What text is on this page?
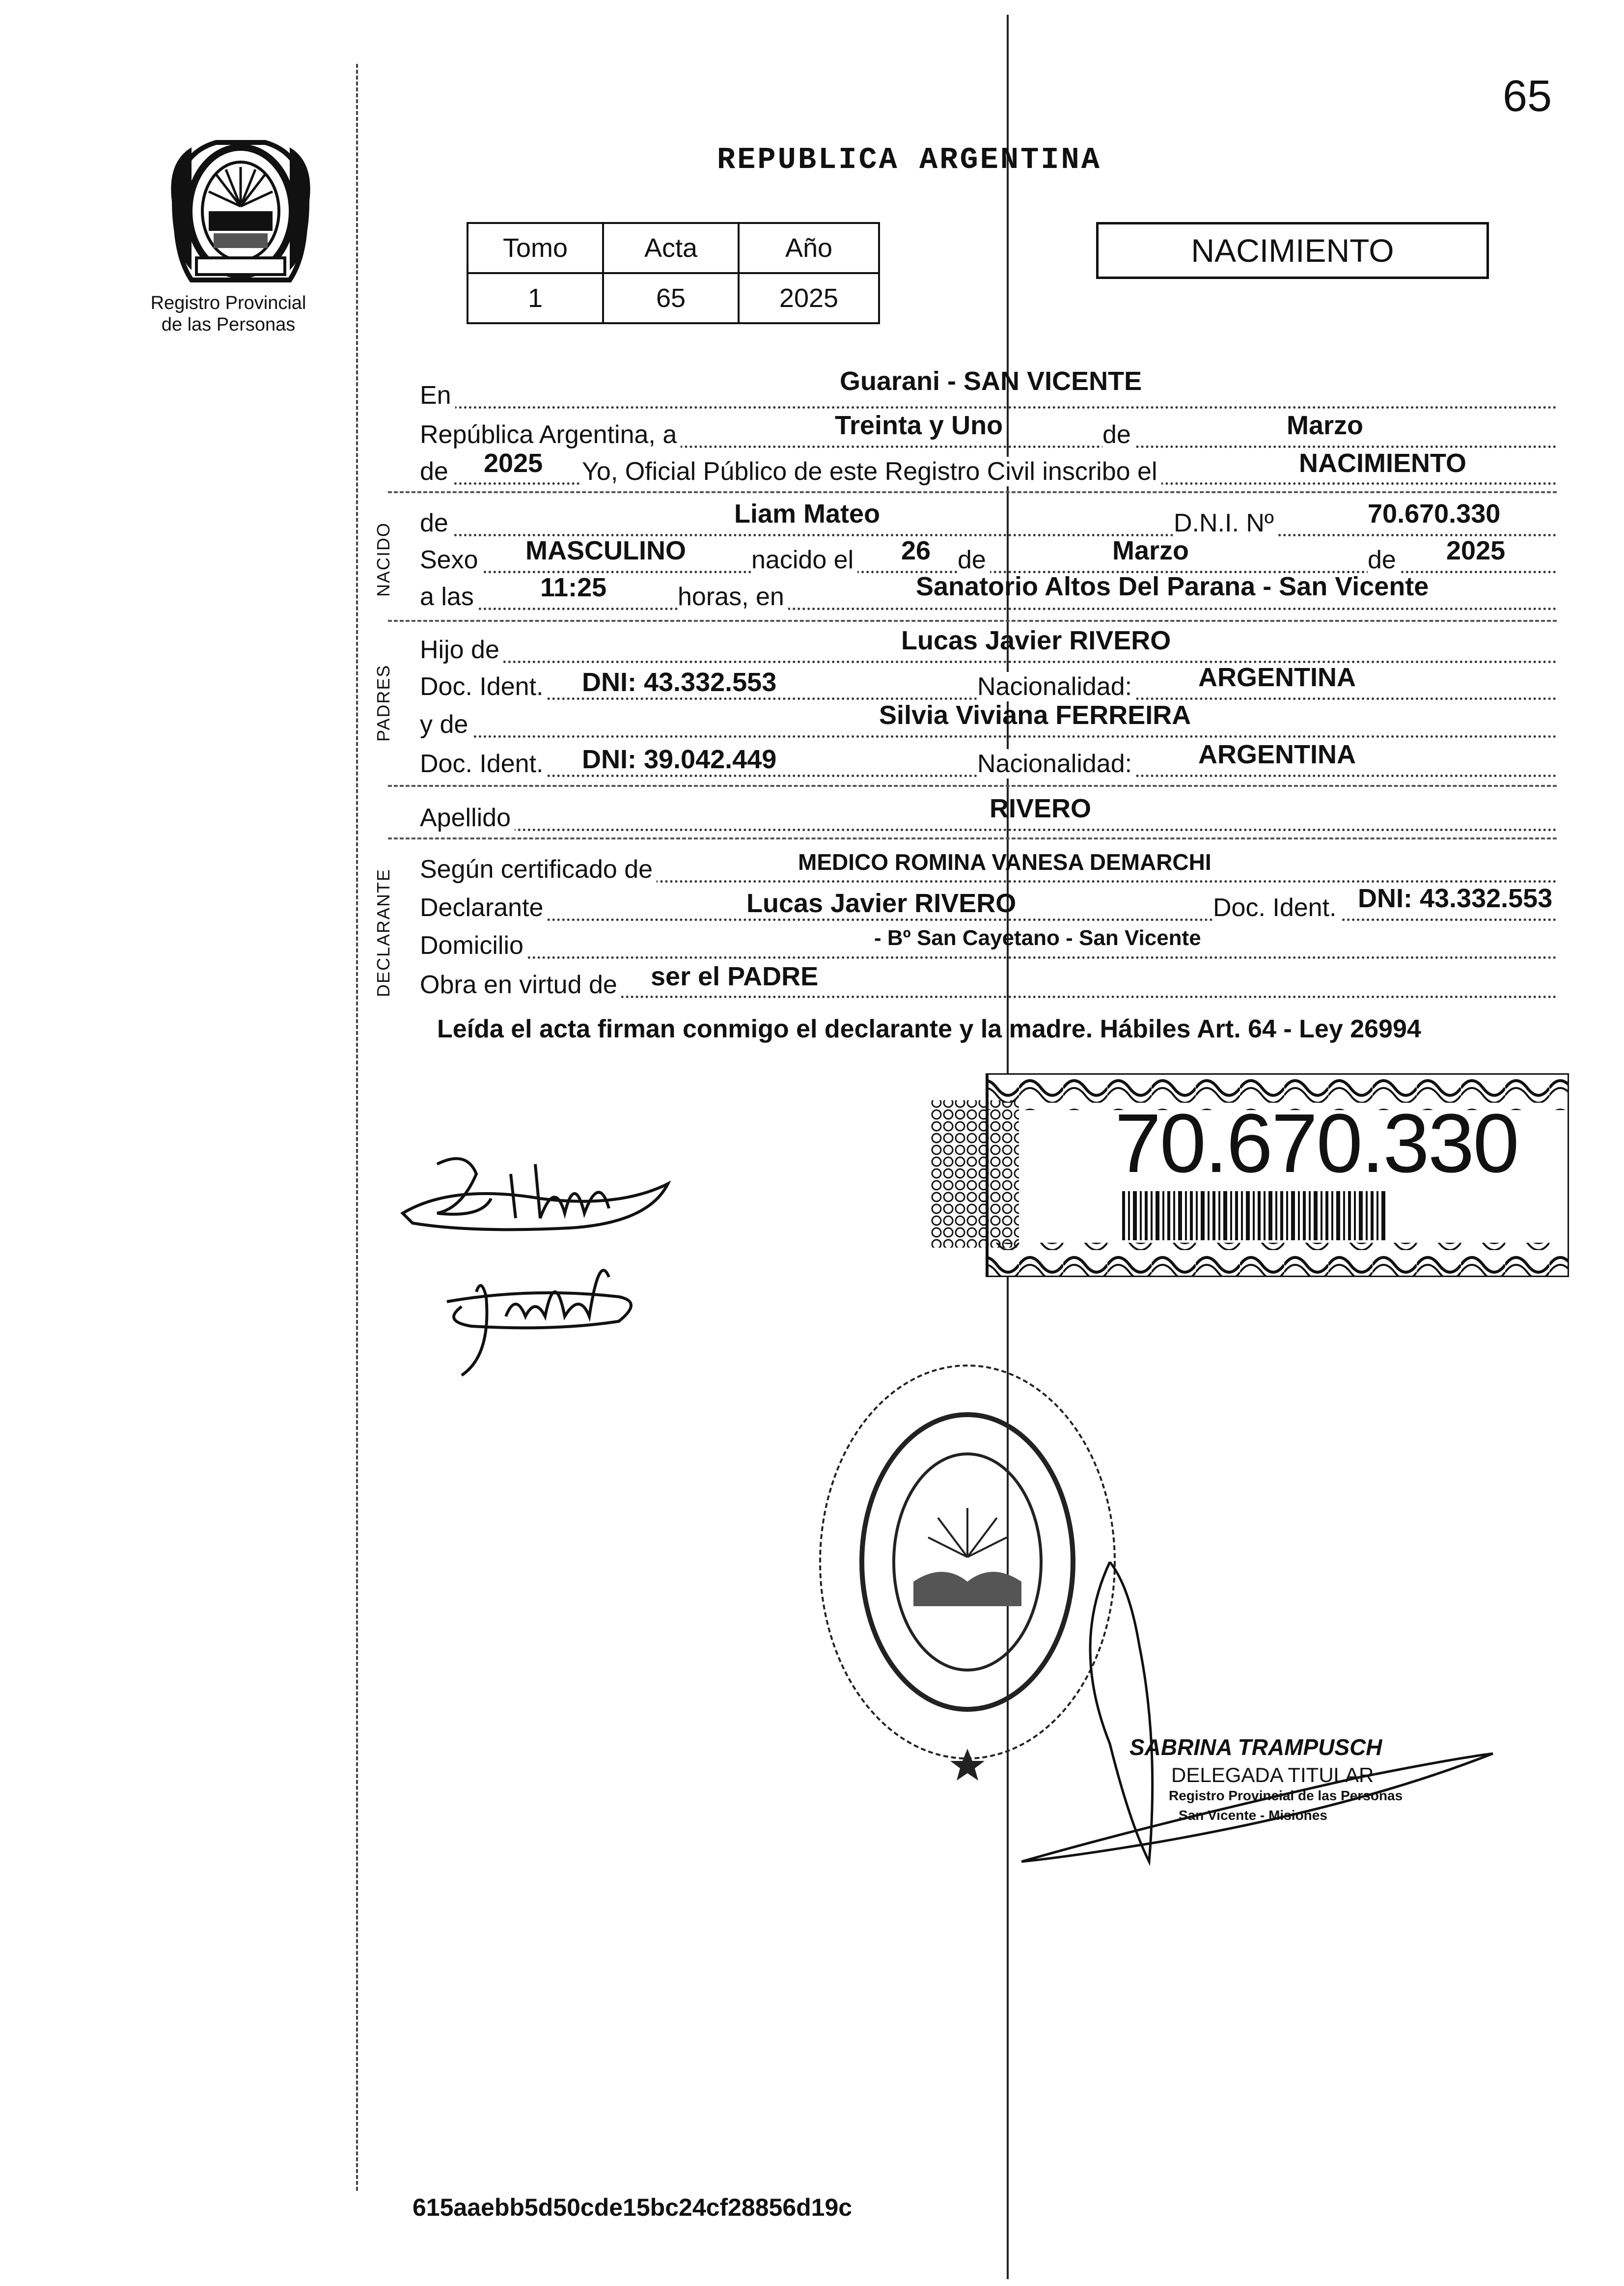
65
REPUBLICA ARGENTINA
Registro Provincial
de las Personas
Tomo	Acta	Año
1	65	2025
NACIMIENTO
En	Guarani - SAN VICENTE
República Argentina, a	Treinta y Uno	de	Marzo
de 2025 Yo, Oficial Público de este Registro Civil inscribo el	NACIMIENTO
NACIDO de	Liam Mateo	D.N.I. Nº	70.670.330
Sexo MASCULINO	nacido el 26 de	Marzo	de 2025
a las	11:25	horas, en	Sanatorio Altos Del Parana - San Vicente
PADRES
Hijo de	Lucas Javier RIVERO
Doc. Ident. DNI: 43.332.553	Nacionalidad: ARGENTINA
y de	Silvia Viviana FERREIRA
Doc. Ident. DNI: 39.042.449	Nacionalidad: ARGENTINA
Apellido	RIVERO
DECLARANTE Según certificado de	MEDICO ROMINA VANESA DEMARCHI
Declarante	Lucas Javier RIVERO	Doc. Ident. DNI: 43.332.553
Domicilio	- Bº San Cayetano - San Vicente
Obra en virtud de ser el PADRE
Leída el acta firman conmigo el declarante y la madre. Hábiles Art. 64 - Ley 26994
70.670.330
SABRINA TRAMPUSCH
DELEGADA TITULAR
Registro Provincial de las Personas
San Vicente - Misiones
615aaebb5d50cde15bc24cf28856d19c
